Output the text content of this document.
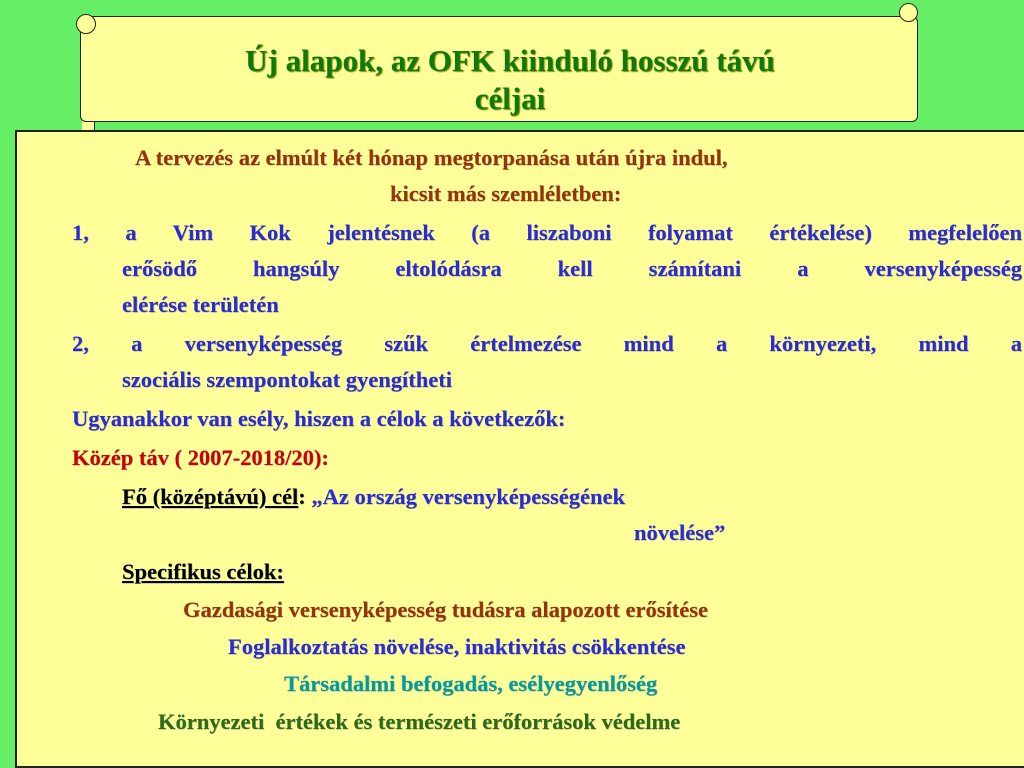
Új alapok, az OFK kiinduló hosszú távú
céljai
A tervezés az elmúlt két hónap megtorpanása után újra indul,
kicsit más szemléletben:
1, a Vim Kok jelentésnek (a liszaboni folyamat értékelése) megfelelően
erősödő hangsúly eltolódásra kell számítani a versenyképesség
elérése területén
2, a versenyképesség szűk értelmezése mind a környezeti, mind a
szociális szempontokat gyengítheti
Ugyanakkor van esély, hiszen a célok a következők:
Közép táv ( 2007-2018/20):
Fő (középtávú) cél: „Az ország versenyképességének
növelése”
Specifikus célok:
Gazdasági versenyképesség tudásra alapozott erősítése
Foglalkoztatás növelése, inaktivitás csökkentése
Társadalmi befogadás, esélyegyenlőség
Környezeti értékek és természeti erőforrások védelme
